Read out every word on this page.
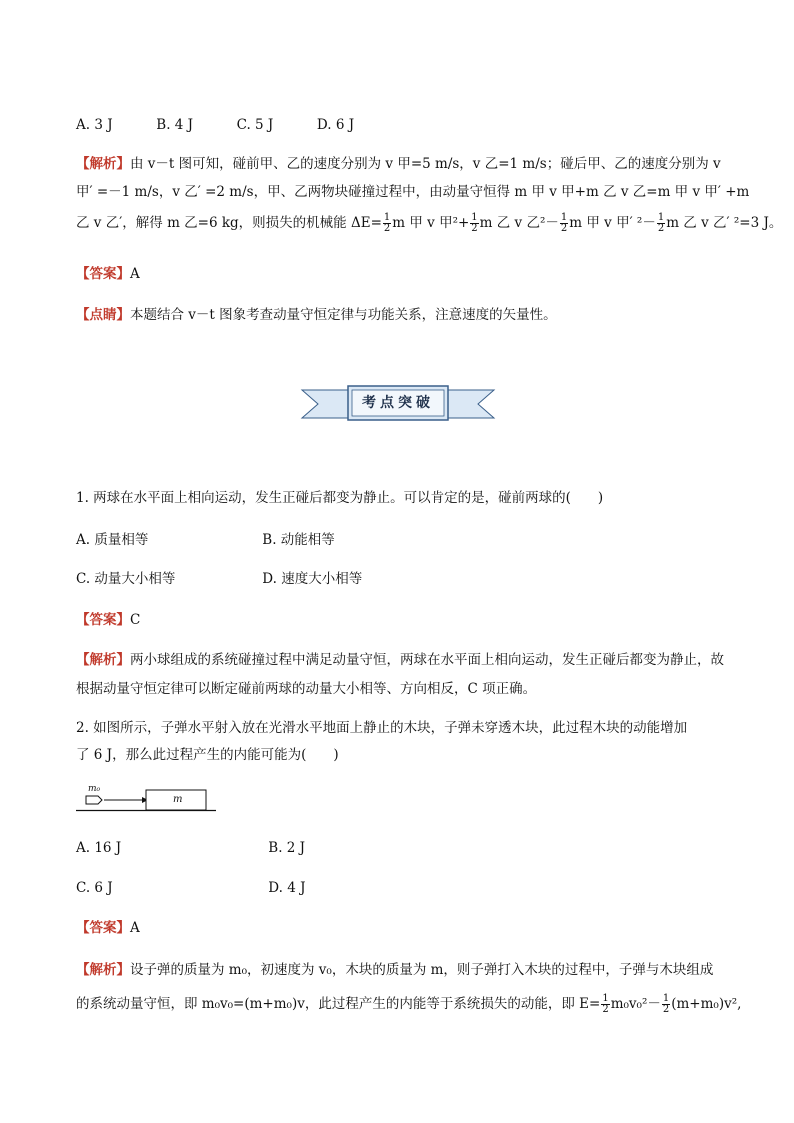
A. 3 J	B. 4 J	C. 5 J	D. 6 J
【解析】由 v－t 图可知，碰前甲、乙的速度分别为 v 甲=5 m/s，v 乙=1 m/s；碰后甲、乙的速度分别为 v
甲′ =－1 m/s，v 乙′ =2 m/s，甲、乙两物块碰撞过程中，由动量守恒得 m 甲 v 甲+m 乙 v 乙=m 甲 v 甲′ +m
乙 v 乙′，解得 m 乙=6 kg，则损失的机械能 $\Delta E= \frac{1}{2}$ m 甲 v 甲$^2+ \frac{1}{2}$ m 乙 v 乙$^2- \frac{1}{2}$ m 甲 v 甲′ $^2- \frac{1}{2}$ m 乙 v 乙′ ²=3 J。
【答案】A
【点睛】本题结合 v－t 图象考查动量守恒定律与功能关系，注意速度的矢量性。
考点突破
1. 两球在水平面上相向运动，发生正碰后都变为静止。可以肯定的是，碰前两球的(　　)
A. 质量相等	B. 动能相等
C. 动量大小相等	D. 速度大小相等
【答案】C
【解析】两小球组成的系统碰撞过程中满足动量守恒，两球在水平面上相向运动，发生正碰后都变为静止，故
根据动量守恒定律可以断定碰前两球的动量大小相等、方向相反，C 项正确。
2. 如图所示，子弹水平射入放在光滑水平地面上静止的木块，子弹未穿透木块，此过程木块的动能增加
了 6 J，那么此过程产生的内能可能为(　　)
m₀
m
A. 16 J	B. 2 J
C. 6 J	D. 4 J
【答案】A
【解析】设子弹的质量为 m₀，初速度为 v₀，木块的质量为 m，则子弹打入木块的过程中，子弹与木块组成
的系统动量守恒，即 m₀v₀=(m+m₀)v，此过程产生的内能等于系统损失的动能，即 $E= \frac{1}{2} m_0v_0^2- \frac{1}{2} (m+m_0)v^2$,
